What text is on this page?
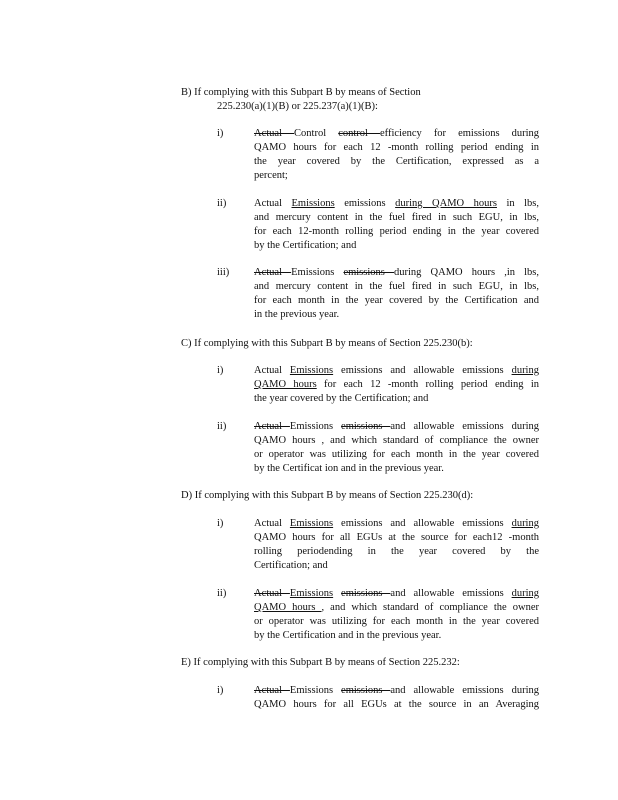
B) If complying with this Subpart B by means of Section
225.230(a)(1)(B) or 225.237(a)(1)(B):
i)	Actual Control control efficiency for emissions during
QAMO hours for each 12 -month rolling period ending in
the year covered by the Certification, expressed as a
percent;
ii)	Actual Emissions emissions during QAMO hours in lbs,
and mercury content in the fuel fired in such EGU, in lbs,
for each 12-month rolling period ending in the year covered
by the Certification; and
iii) Actual Emissions emissions during QAMO hours ,in lbs,
and mercury content in the fuel fired in such EGU, in lbs,
for each month in the year covered by the Certification and
in the previous year.
C) If complying with this Subpart B by means of Section 225.230(b):
i)	Actual Emissions emissions and allowable emissions during
QAMO hours for each 12 -month rolling period ending in
the year covered by the Certification; and
ii)	Actual Emissions emissions and allowable emissions during
QAMO hours , and which standard of compliance the owner
or operator was utilizing for each month in the year covered
by the Certificat ion and in the previous year.
D) If complying with this Subpart B by means of Section 225.230(d):
i)	Actual Emissions emissions and allowable emissions during
QAMO hours for all EGUs at the source for each12 -month
rolling periodending in the year covered by the
Certification; and
ii)	Actual Emissions emissions and allowable emissions during
QAMO hours , and which standard of compliance the owner
or operator was utilizing for each month in the year covered
by the Certification and in the previous year.
E) If complying with this Subpart B by means of Section 225.232:
i)	Actual Emissions emissions and allowable emissions during
QAMO hours for all EGUs at the source in an Averaging
